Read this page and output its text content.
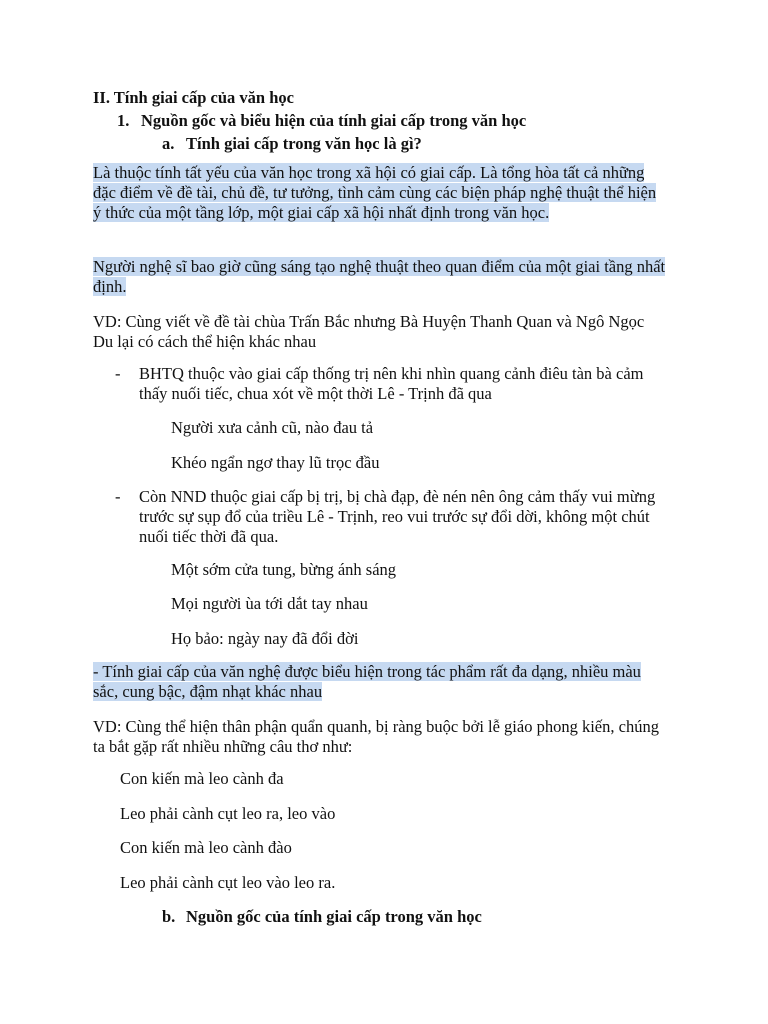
II. Tính giai cấp của văn học

1. Nguồn gốc và biểu hiện của tính giai cấp trong văn học

a. Tính giai cấp trong văn học là gì?

Là thuộc tính tất yếu của văn học trong xã hội có giai cấp. Là tổng hòa tất cả những đặc điểm về đề tài, chủ đề, tư tưởng, tình cảm cùng các biện pháp nghệ thuật thể hiện ý thức của một tầng lớp, một giai cấp xã hội nhất định trong văn học.

Người nghệ sĩ bao giờ cũng sáng tạo nghệ thuật theo quan điểm của một giai tầng nhất định.

VD: Cùng viết về đề tài chùa Trấn Bắc nhưng Bà Huyện Thanh Quan và Ngô Ngọc Du lại có cách thể hiện khác nhau

- BHTQ thuộc vào giai cấp thống trị nên khi nhìn quang cảnh điêu tàn bà cảm thấy nuối tiếc, chua xót về một thời Lê - Trịnh đã qua

Người xưa cảnh cũ, nào đau tả

Khéo ngẩn ngơ thay lũ trọc đầu

- Còn NND thuộc giai cấp bị trị, bị chà đạp, đè nén nên ông cảm thấy vui mừng trước sự sụp đổ của triều Lê - Trịnh, reo vui trước sự đổi dời, không một chút nuối tiếc thời đã qua.

Một sớm cửa tung, bừng ánh sáng

Mọi người ùa tới dắt tay nhau

Họ bảo: ngày nay đã đổi đời

- Tính giai cấp của văn nghệ được biểu hiện trong tác phẩm rất đa dạng, nhiều màu sắc, cung bậc, đậm nhạt khác nhau

VD: Cùng thể hiện thân phận quẩn quanh, bị ràng buộc bởi lễ giáo phong kiến, chúng ta bắt gặp rất nhiều những câu thơ như:

Con kiến mà leo cành đa

Leo phải cành cụt leo ra, leo vào

Con kiến mà leo cành đào

Leo phải cành cụt leo vào leo ra.

b. Nguồn gốc của tính giai cấp trong văn học
